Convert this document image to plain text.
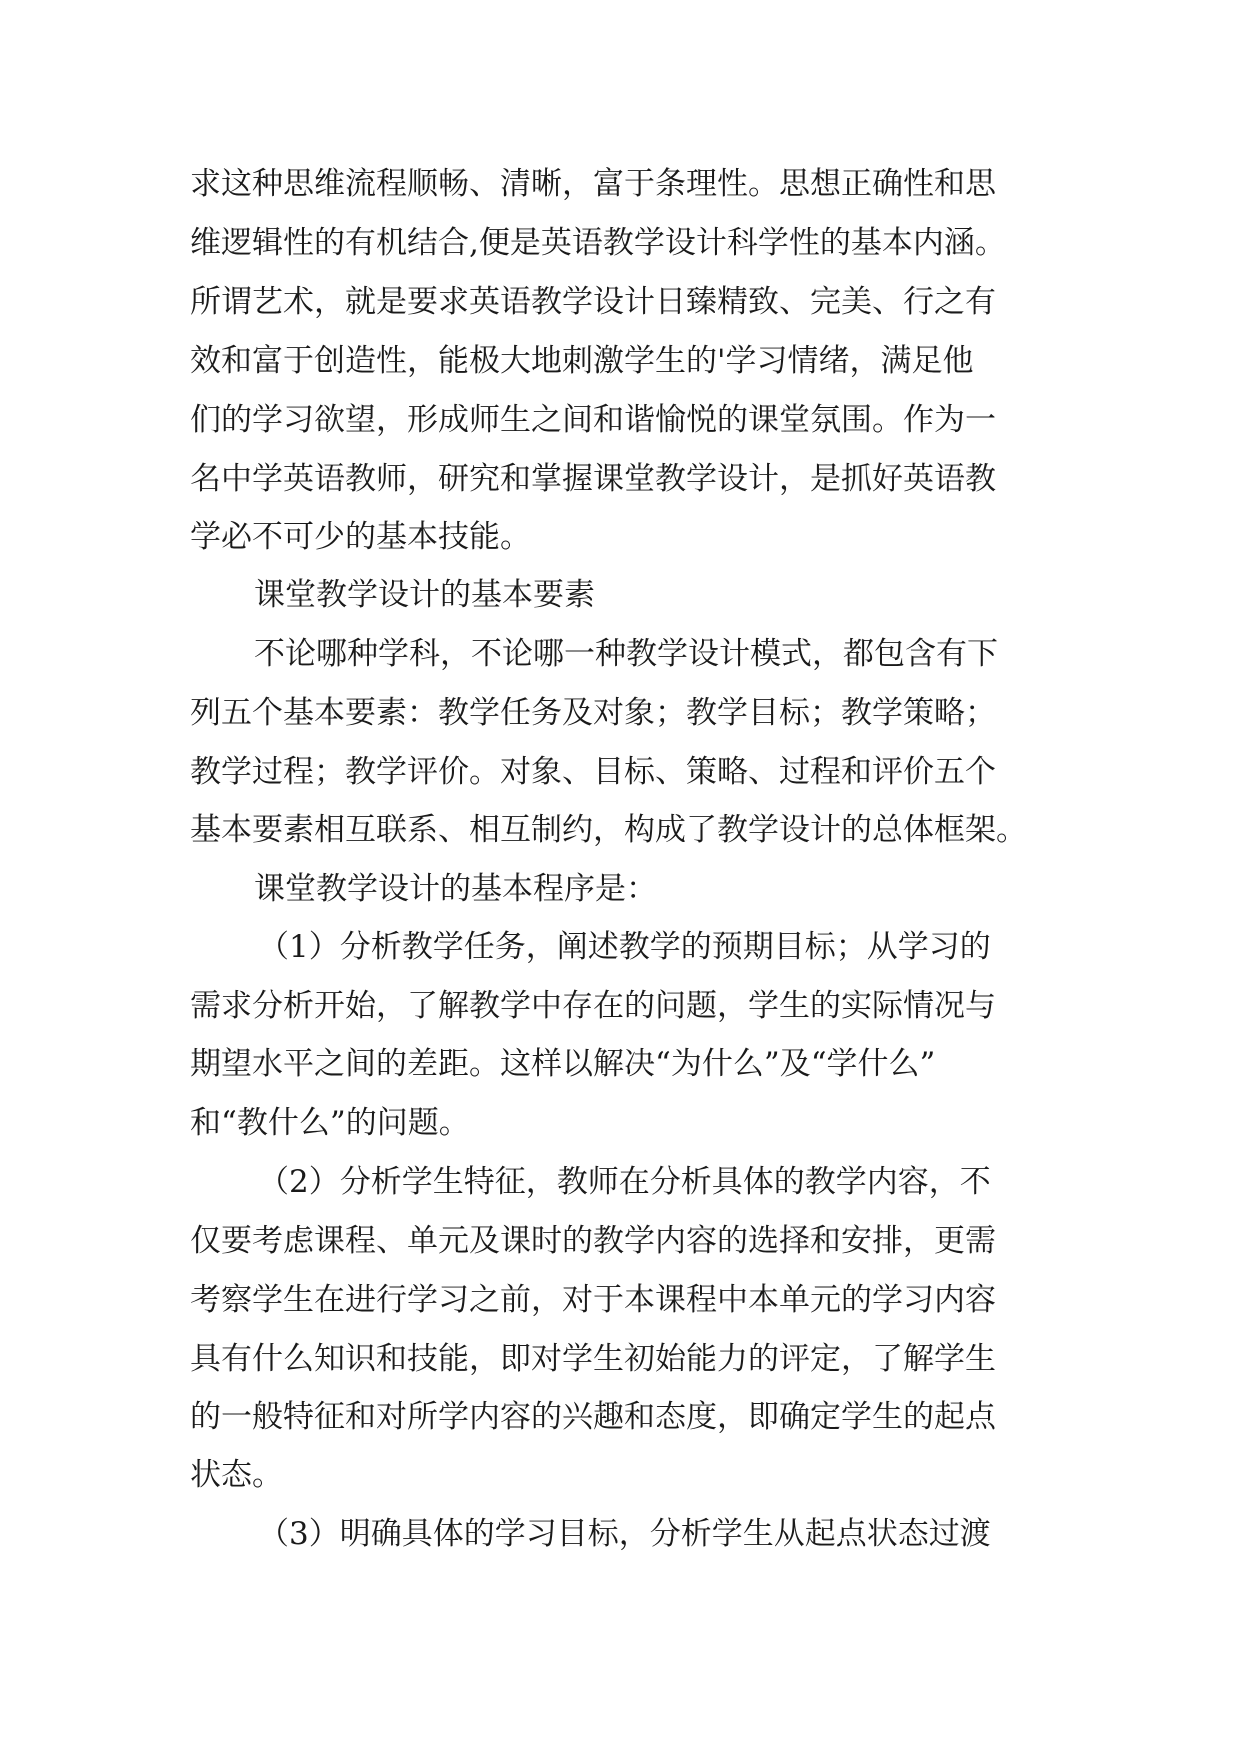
求这种思维流程顺畅、清晰，富于条理性。思想正确性和思
维逻辑性的有机结合,便是英语教学设计科学性的基本内涵。
所谓艺术，就是要求英语教学设计日臻精致、完美、行之有
效和富于创造性，能极大地刺激学生的'学习情绪，满足他
们的学习欲望，形成师生之间和谐愉悦的课堂氛围。作为一
名中学英语教师，研究和掌握课堂教学设计，是抓好英语教
学必不可少的基本技能。
课堂教学设计的基本要素
不论哪种学科，不论哪一种教学设计模式，都包含有下
列五个基本要素：教学任务及对象；教学目标；教学策略；
教学过程；教学评价。对象、目标、策略、过程和评价五个
基本要素相互联系、相互制约，构成了教学设计的总体框架。
课堂教学设计的基本程序是：
（1）分析教学任务，阐述教学的预期目标；从学习的
需求分析开始，了解教学中存在的问题，学生的实际情况与
期望水平之间的差距。这样以解决“为什么”及“学什么”
和“教什么”的问题。
（2）分析学生特征，教师在分析具体的教学内容，不
仅要考虑课程、单元及课时的教学内容的选择和安排，更需
考察学生在进行学习之前，对于本课程中本单元的学习内容
具有什么知识和技能，即对学生初始能力的评定，了解学生
的一般特征和对所学内容的兴趣和态度，即确定学生的起点
状态。
（3）明确具体的学习目标，分析学生从起点状态过渡
